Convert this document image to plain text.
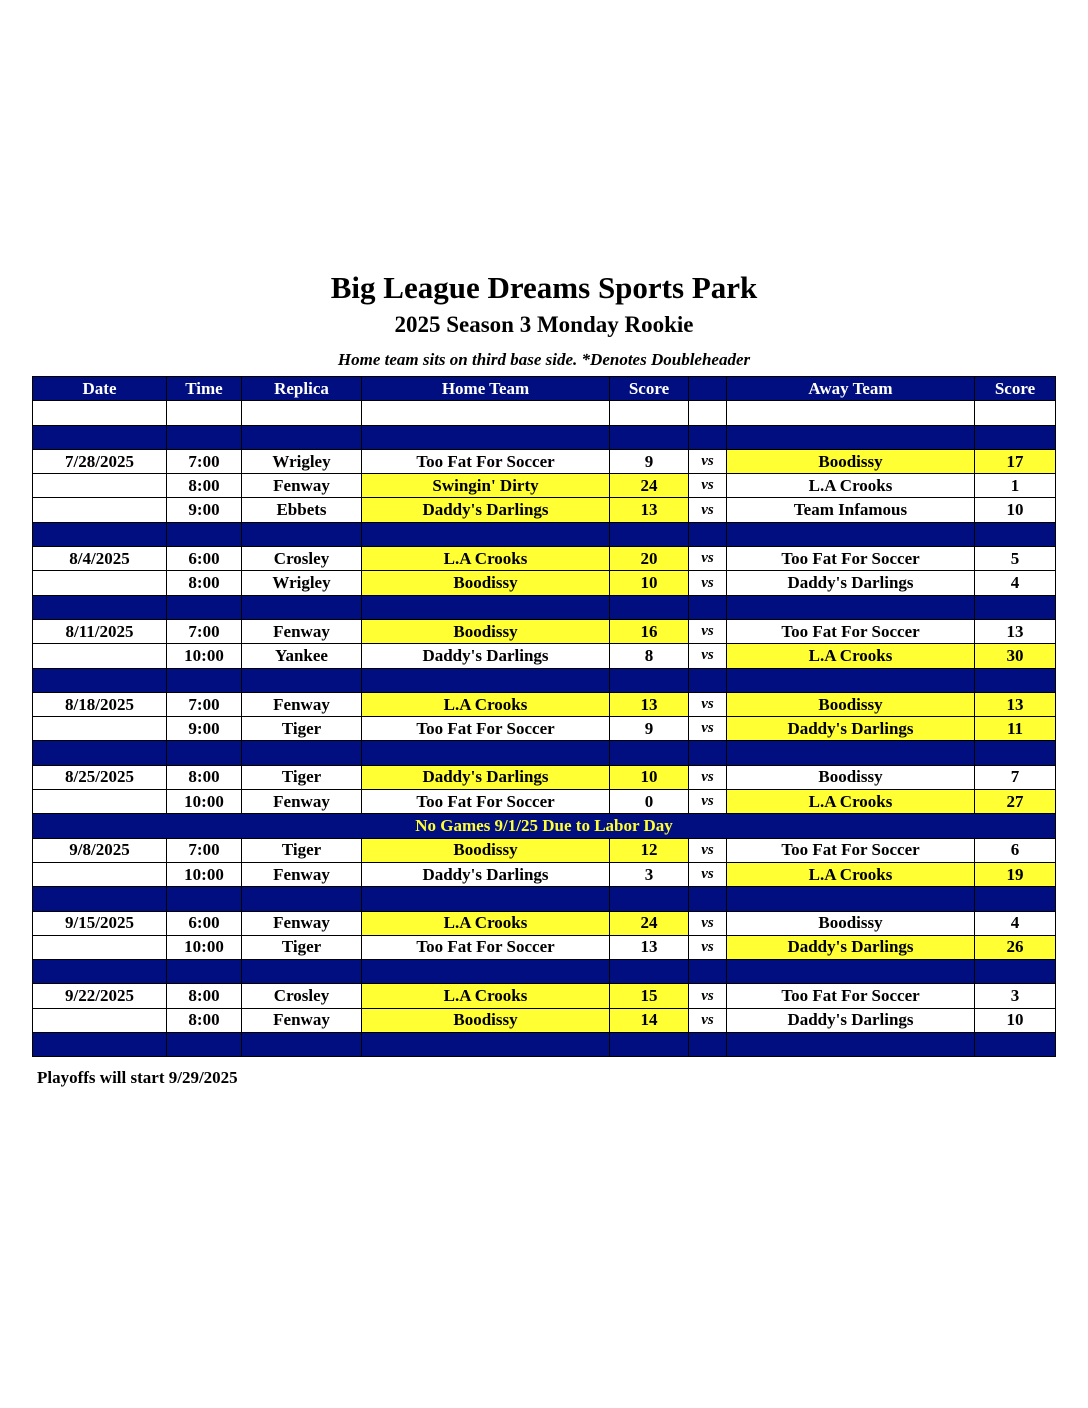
Big League Dreams Sports Park
2025 Season 3 Monday Rookie
Home team sits on third base side. *Denotes Doubleheader
Date	Time	Replica	Home Team	Score		Away Team	Score

7/28/2025	7:00	Wrigley	Too Fat For Soccer	9	vs	Boodissy	17
	8:00	Fenway	Swingin' Dirty	24	vs	L.A Crooks	1
	9:00	Ebbets	Daddy's Darlings	13	vs	Team Infamous	10

8/4/2025	6:00	Crosley	L.A Crooks	20	vs	Too Fat For Soccer	5
	8:00	Wrigley	Boodissy	10	vs	Daddy's Darlings	4

8/11/2025	7:00	Fenway	Boodissy	16	vs	Too Fat For Soccer	13
	10:00	Yankee	Daddy's Darlings	8	vs	L.A Crooks	30

8/18/2025	7:00	Fenway	L.A Crooks	13	vs	Boodissy	13
	9:00	Tiger	Too Fat For Soccer	9	vs	Daddy's Darlings	11

8/25/2025	8:00	Tiger	Daddy's Darlings	10	vs	Boodissy	7
	10:00	Fenway	Too Fat For Soccer	0	vs	L.A Crooks	27
No Games 9/1/25 Due to Labor Day							
9/8/2025	7:00	Tiger	Boodissy	12	vs	Too Fat For Soccer	6
	10:00	Fenway	Daddy's Darlings	3	vs	L.A Crooks	19

9/15/2025	6:00	Fenway	L.A Crooks	24	vs	Boodissy	4
	10:00	Tiger	Too Fat For Soccer	13	vs	Daddy's Darlings	26

9/22/2025	8:00	Crosley	L.A Crooks	15	vs	Too Fat For Soccer	3
	8:00	Fenway	Boodissy	14	vs	Daddy's Darlings	10

Playoffs will start 9/29/2025
